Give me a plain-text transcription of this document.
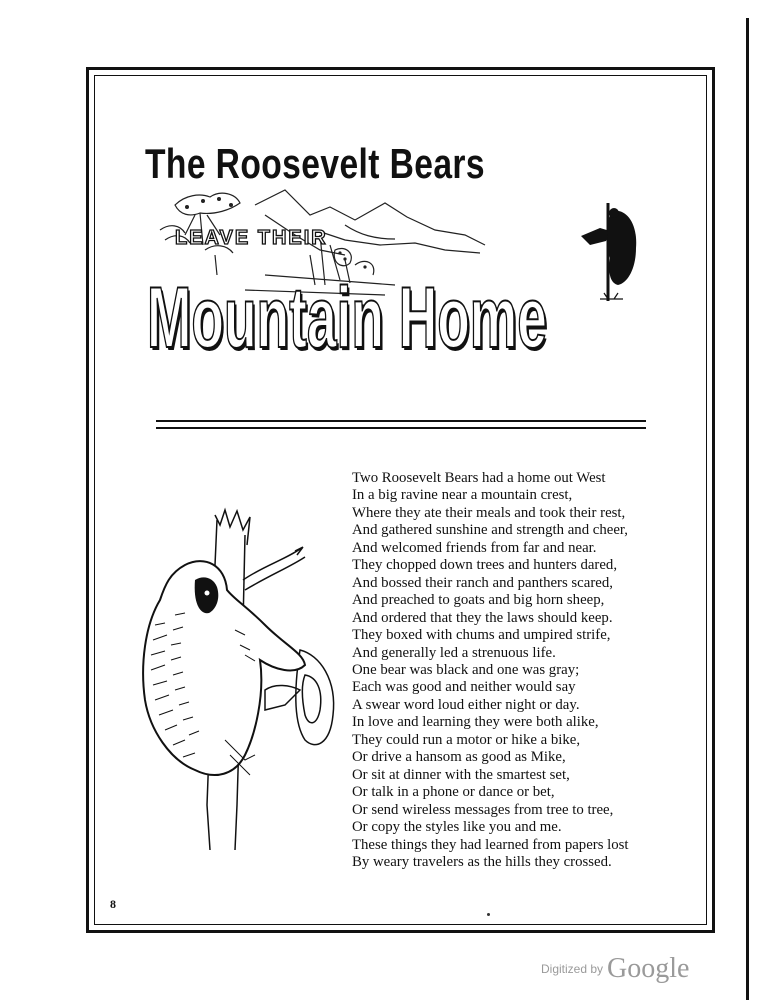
The Roosevelt Bears
LEAVE THEIR
Mountain Home
Two Roosevelt Bears had a home out West
In a big ravine near a mountain crest,
Where they ate their meals and took their rest,
And gathered sunshine and strength and cheer,
And welcomed friends from far and near.
They chopped down trees and hunters dared,
And bossed their ranch and panthers scared,
And preached to goats and big horn sheep,
And ordered that they the laws should keep.
They boxed with chums and umpired strife,
And generally led a strenuous life.
One bear was black and one was gray;
Each was good and neither would say
A swear word loud either night or day.
In love and learning they were both alike,
They could run a motor or hike a bike,
Or drive a hansom as good as Mike,
Or sit at dinner with the smartest set,
Or talk in a phone or dance or bet,
Or send wireless messages from tree to tree,
Or copy the styles like you and me.
These things they had learned from papers lost
By weary travelers as the hills they crossed.
8
Digitized by Google
